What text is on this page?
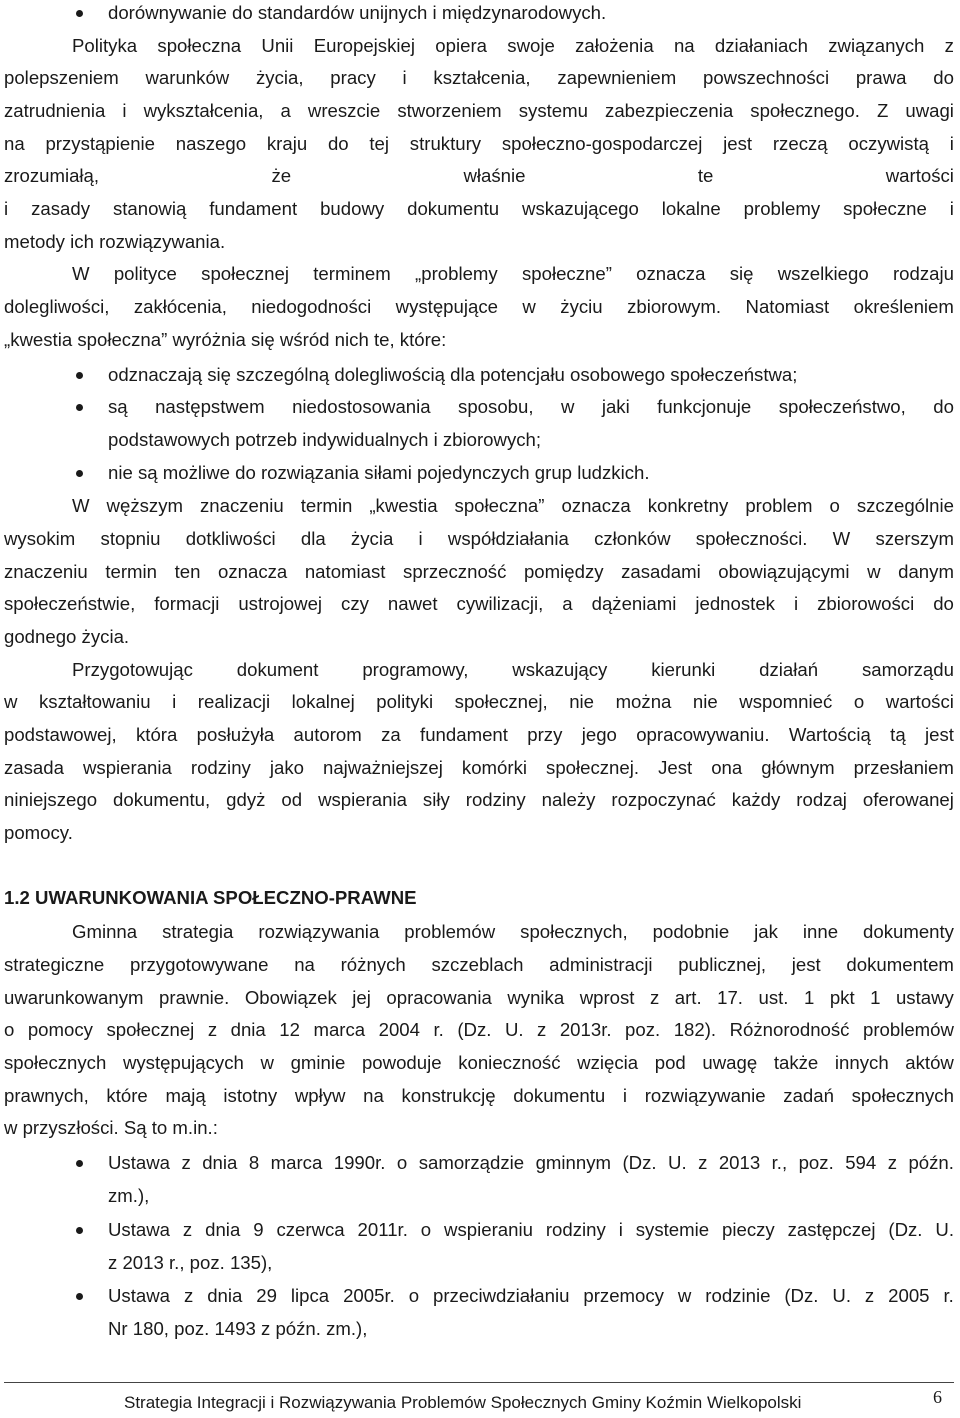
dorównywanie do standardów unijnych i międzynarodowych.
Polityka społeczna Unii Europejskiej opiera swoje założenia na działaniach związanych z
polepszeniem warunków życia, pracy i kształcenia, zapewnieniem powszechności prawa do
zatrudnienia i wykształcenia, a wreszcie stworzeniem systemu zabezpieczenia społecznego. Z uwagi
na przystąpienie naszego kraju do tej struktury społeczno-gospodarczej jest rzeczą oczywistą i
zrozumiałą,	że	właśnie	te	wartości
i zasady stanowią fundament budowy dokumentu wskazującego lokalne problemy społeczne i
metody ich rozwiązywania.
W polityce społecznej terminem „problemy społeczne” oznacza się wszelkiego rodzaju
dolegliwości, zakłócenia, niedogodności występujące w życiu zbiorowym. Natomiast określeniem
„kwestia społeczna” wyróżnia się wśród nich te, które:
odznaczają się szczególną dolegliwością dla potencjału osobowego społeczeństwa;
są następstwem niedostosowania sposobu, w jaki funkcjonuje społeczeństwo, do
podstawowych potrzeb indywidualnych i zbiorowych;
nie są możliwe do rozwiązania siłami pojedynczych grup ludzkich.
W węższym znaczeniu termin „kwestia społeczna” oznacza konkretny problem o szczególnie
wysokim stopniu dotkliwości dla życia i współdziałania członków społeczności. W szerszym
znaczeniu termin ten oznacza natomiast sprzeczność pomiędzy zasadami obowiązującymi w danym
społeczeństwie, formacji ustrojowej czy nawet cywilizacji, a dążeniami jednostek i zbiorowości do
godnego życia.
Przygotowując dokument programowy, wskazujący kierunki działań samorządu
w kształtowaniu i realizacji lokalnej polityki społecznej, nie można nie wspomnieć o wartości
podstawowej, która posłużyła autorom za fundament przy jego opracowywaniu. Wartością tą jest
zasada wspierania rodziny jako najważniejszej komórki społecznej. Jest ona głównym przesłaniem
niniejszego dokumentu, gdyż od wspierania siły rodziny należy rozpoczynać każdy rodzaj oferowanej
pomocy.
1.2 UWARUNKOWANIA SPOŁECZNO-PRAWNE
Gminna strategia rozwiązywania problemów społecznych, podobnie jak inne dokumenty
strategiczne przygotowywane na różnych szczeblach administracji publicznej, jest dokumentem
uwarunkowanym prawnie. Obowiązek jej opracowania wynika wprost z art. 17. ust. 1 pkt 1 ustawy
o pomocy społecznej z dnia 12 marca 2004 r. (Dz. U. z 2013r. poz. 182). Różnorodność problemów
społecznych występujących w gminie powoduje konieczność wzięcia pod uwagę także innych aktów
prawnych, które mają istotny wpływ na konstrukcję dokumentu i rozwiązywanie zadań społecznych
w przyszłości. Są to m.in.:
Ustawa z dnia 8 marca 1990r. o samorządzie gminnym (Dz. U. z 2013 r., poz. 594 z późn.
zm.),
Ustawa z dnia 9 czerwca 2011r. o wspieraniu rodziny i systemie pieczy zastępczej (Dz. U.
z 2013 r., poz. 135),
Ustawa z dnia 29 lipca 2005r. o przeciwdziałaniu przemocy w rodzinie (Dz. U. z 2005 r.
Nr 180, poz. 1493 z późn. zm.),
Strategia Integracji i Rozwiązywania Problemów Społecznych Gminy Koźmin Wielkopolski	6
